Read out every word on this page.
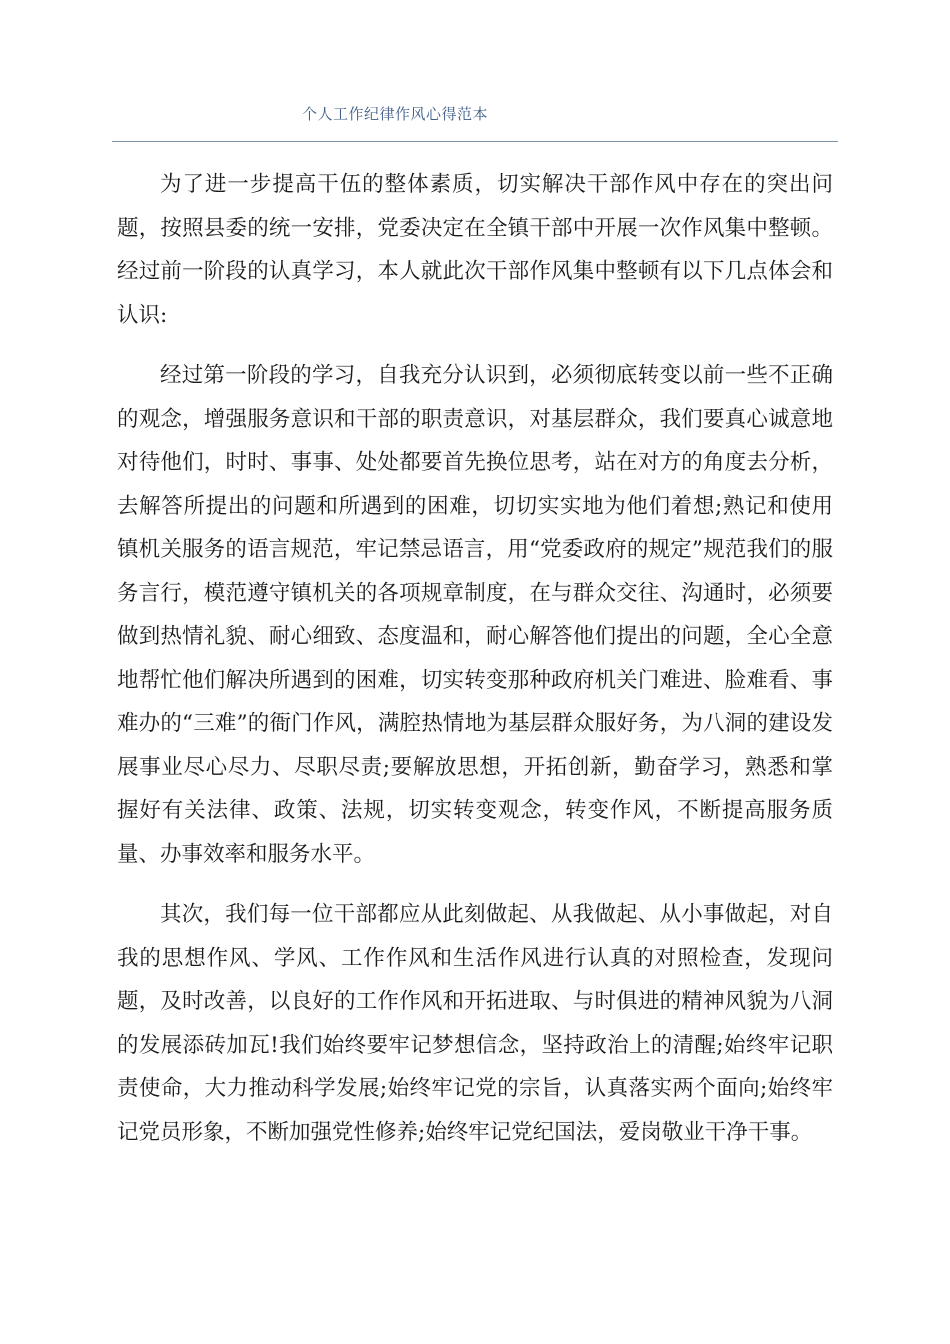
个人工作纪律作风心得范本

为了进一步提高干伍的整体素质，切实解决干部作风中存在的突出问题，按照县委的统一安排，党委决定在全镇干部中开展一次作风集中整顿。经过前一阶段的认真学习，本人就此次干部作风集中整顿有以下几点体会和认识:

经过第一阶段的学习，自我充分认识到，必须彻底转变以前一些不正确的观念，增强服务意识和干部的职责意识，对基层群众，我们要真心诚意地对待他们，时时、事事、处处都要首先换位思考，站在对方的角度去分析，去解答所提出的问题和所遇到的困难，切切实实地为他们着想;熟记和使用镇机关服务的语言规范，牢记禁忌语言，用“党委政府的规定”规范我们的服务言行，模范遵守镇机关的各项规章制度，在与群众交往、沟通时，必须要做到热情礼貌、耐心细致、态度温和，耐心解答他们提出的问题，全心全意地帮忙他们解决所遇到的困难，切实转变那种政府机关门难进、脸难看、事难办的“三难”的衙门作风，满腔热情地为基层群众服好务，为八洞的建设发展事业尽心尽力、尽职尽责;要解放思想，开拓创新，勤奋学习，熟悉和掌握好有关法律、政策、法规，切实转变观念，转变作风，不断提高服务质量、办事效率和服务水平。

其次，我们每一位干部都应从此刻做起、从我做起、从小事做起，对自我的思想作风、学风、工作作风和生活作风进行认真的对照检查，发现问题，及时改善，以良好的工作作风和开拓进取、与时俱进的精神风貌为八洞的发展添砖加瓦!我们始终要牢记梦想信念，坚持政治上的清醒;始终牢记职责使命，大力推动科学发展;始终牢记党的宗旨，认真落实两个面向;始终牢记党员形象，不断加强党性修养;始终牢记党纪国法，爱岗敬业干净干事。
